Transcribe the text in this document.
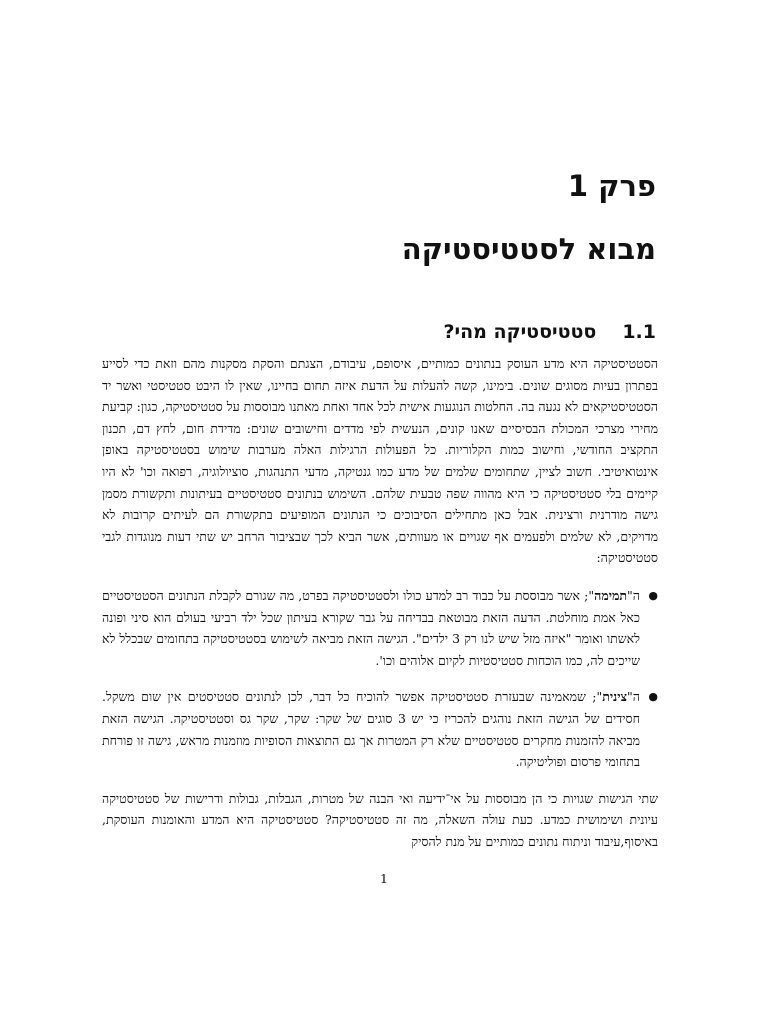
פרק 1
מבוא לסטטיסטיקה
1.1
סטטיסטיקה מהי?

הסטטיסטיקה היא מדע העוסק בנתונים כמותיים, איסופם, עיבודם, הצגתם והסקת מסקנות מהם וזאת כדי לסייע בפתרון בעיות מסוגים שונים. בימינו, קשה להעלות על הדעת איזה תחום בחיינו, שאין לו היבט סטטיסטי ואשר יד הסטטיסטיקאים לא נגעה בה. החלטות הנוגעות אישית לכל אחד ואחת מאתנו מבוססות על סטטיסטיקה, כגון: קביעת מחירי מצרכי המכולת הבסיסיים שאנו קונים, הנעשית לפי מדדים וחישובים שונים: מדידת חום, לחץ דם, תכנון התקציב החודשי, וחישוב כמות הקלוריות. כל הפעולות הרגילות האלה מערבות שימוש בסטטיסטיקה באופן אינטואיטיבי. חשוב לציין, שתחומים שלמים של מדע כמו גנטיקה, מדעי התנהגות, סוציולוגיה, רפואה וכו' לא היו קיימים בלי סטטיסטיקה כי היא מהווה שפה טבעית שלהם. השימוש בנתונים סטטיסטיים בעיתונות ותקשורת מסמן גישה מודרנית ורצינית. אבל כאן מתחילים הסיבוכים כי הנתונים המופיעים בתקשורת הם לעיתים קרובות לא מדויקים, לא שלמים ולפעמים אף שגויים או מעוותים, אשר הביא לכך שבציבור הרחב יש שתי דעות מנוגדות לגבי סטטיסטיקה:

●
ה"תמימה"; אשר מבוססת על כבוד רב למדע כולו ולסטטיסטיקה בפרט, מה שגורם לקבלת הנתונים הסטטיסטיים כאל אמת מוחלטת. הדעה הזאת מבוטאת בבדיחה על גבר שקורא בעיתון שכל ילד רביעי בעולם הוא סיני ופונה לאשתו ואומר "איזה מזל שיש לנו רק 3 ילדים". הגישה הזאת מביאה לשימוש בסטטיסטיקה בתחומים שבכלל לא שייכים לה, כמו הוכחות סטטיסטיות לקיום אלוהים וכו'.
●
ה"צינית"; שמאמינה שבעזרת סטטיסטיקה אפשר להוכיח כל דבר, לכן לנתונים סטטיסטים אין שום משקל. חסידים של הגישה הזאת נוהגים להכריז כי יש 3 סוגים של שקר: שקר, שקר גס וסטטיסטיקה. הגישה הזאת מביאה להזמנות מחקרים סטטיסטיים שלא רק המטרות אך גם התוצאות הסופיות מוזמנות מראש, גישה זו פורחת בתחומי פרסום ופוליטיקה.

שתי הגישות שגויות כי הן מבוססות על אי־ידיעה ואי הבנה של מטרות, הגבלות, גבולות ודרישות של סטטיסטיקה עיונית ושימושית כמדע. כעת עולה השאלה, מה זה סטטיסטיקה? סטטיסטיקה היא המדע והאומנות העוסקת, באיסוף,עיבוד וניתוח נתונים כמותיים על מנת להסיק

1
